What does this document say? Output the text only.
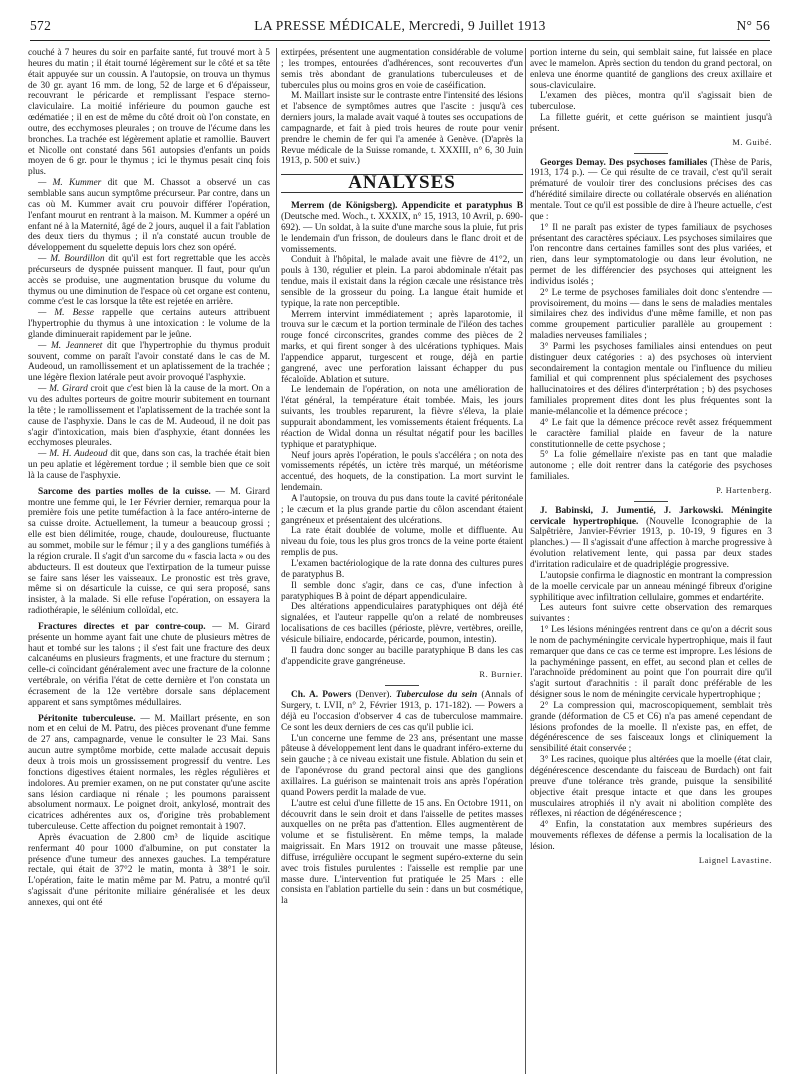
572	LA PRESSE MÉDICALE, Mercredi, 9 Juillet 1913	N° 56

couché à 7 heures du soir en parfaite santé, fut trouvé mort à 5 heures du matin ; il était tourné légèrement sur le côté et sa tête était appuyée sur un coussin. A l'autopsie, on trouva un thymus de 30 gr. ayant 16 mm. de long, 52 de large et 6 d'épaisseur, recouvrant le péricarde et remplissant l'espace sterno-claviculaire. La moitié inférieure du poumon gauche est œdématiée ; il en est de même du côté droit où l'on constate, en outre, des ecchymoses pleurales ; on trouve de l'écume dans les bronches. La trachée est légèrement aplatie et ramollie. Bauvert et Nicolle ont constaté dans 561 autopsies d'enfants un poids moyen de 6 gr. pour le thymus ; ici le thymus pesait cinq fois plus.

— M. Kummer dit que M. Chassot a observé un cas semblable sans aucun symptôme précurseur. Par contre, dans un cas où M. Kummer avait cru pouvoir différer l'opération, l'enfant mourut en rentrant à la maison. M. Kummer a opéré un enfant né à la Maternité, âgé de 2 jours, auquel il a fait l'ablation des deux tiers du thymus ; il n'a constaté aucun trouble de développement du squelette depuis lors chez son opéré.

— M. Bourdillon dit qu'il est fort regrettable que les accès précurseurs de dyspnée puissent manquer. Il faut, pour qu'un accès se produise, une augmentation brusque du volume du thymus ou une diminution de l'espace où cet organe est contenu, comme c'est le cas lorsque la tête est rejetée en arrière.

— M. Besse rappelle que certains auteurs attribuent l'hypertrophie du thymus à une intoxication : le volume de la glande diminuerait rapidement par le jeûne.

— M. Jeanneret dit que l'hypertrophie du thymus produit souvent, comme on paraît l'avoir constaté dans le cas de M. Audeoud, un ramollissement et un aplatissement de la trachée ; une légère flexion latérale peut avoir provoqué l'asphyxie.

— M. Girard croit que c'est bien là la cause de la mort. On a vu des adultes porteurs de goitre mourir subitement en tournant la tête ; le ramollissement et l'aplatissement de la trachée sont la cause de l'asphyxie. Dans le cas de M. Audeoud, il ne doit pas s'agir d'intoxication, mais bien d'asphyxie, étant données les ecchymoses pleurales.

— M. H. Audeoud dit que, dans son cas, la trachée était bien un peu aplatie et légèrement tordue ; il semble bien que ce soit là la cause de l'asphyxie.

Sarcome des parties molles de la cuisse. — M. Girard montre une femme qui, le 1er Février dernier, remarqua pour la première fois une petite tuméfaction à la face antéro-interne de sa cuisse droite. Actuellement, la tumeur a beaucoup grossi ; elle est bien délimitée, rouge, chaude, douloureuse, fluctuante au sommet, mobile sur le fémur ; il y a des ganglions tuméfiés à la région crurale. Il s'agit d'un sarcome du « fascia lacta » ou des abducteurs. Il est douteux que l'extirpation de la tumeur puisse se faire sans léser les vaisseaux. Le pronostic est très grave, même si on désarticule la cuisse, ce qui sera proposé, sans insister, à la malade. Si elle refuse l'opération, on essayera la radiothérapie, le sélénium colloïdal, etc.

Fractures directes et par contre-coup. — M. Girard présente un homme ayant fait une chute de plusieurs mètres de haut et tombé sur les talons ; il s'est fait une fracture des deux calcanéums en plusieurs fragments, et une fracture du sternum ; celle-ci coïncidant généralement avec une fracture de la colonne vertébrale, on vérifia l'état de cette dernière et l'on constata un écrasement de la 12e vertèbre dorsale sans déplacement apparent et sans symptômes médullaires.

Péritonite tuberculeuse. — M. Maillart présente, en son nom et en celui de M. Patru, des pièces provenant d'une femme de 27 ans, campagnarde, venue le consulter le 23 Mai. Sans aucun autre symptôme morbide, cette malade accusait depuis deux à trois mois un grossissement progressif du ventre. Les fonctions digestives étaient normales, les règles régulières et indolores. Au premier examen, on ne put constater qu'une ascite sans lésion cardiaque ni rénale ; les poumons paraissent absolument normaux. Le poignet droit, ankylosé, montrait des cicatrices adhérentes aux os, d'origine très probablement tuberculeuse. Cette affection du poignet remontait à 1907.

Après évacuation de 2.800 cm³ de liquide ascitique renfermant 40 pour 1000 d'albumine, on put constater la présence d'une tumeur des annexes gauches. La température rectale, qui était de 37°2 le matin, monta à 38°1 le soir. L'opération, faite le matin même par M. Patru, a montré qu'il s'agissait d'une péritonite miliaire généralisée et les deux annexes, qui ont été

extirpées, présentent une augmentation considérable de volume ; les trompes, entourées d'adhérences, sont recouvertes d'un semis très abondant de granulations tuberculeuses et de tubercules plus ou moins gros en voie de caséification.

M. Maillart insiste sur le contraste entre l'intensité des lésions et l'absence de symptômes autres que l'ascite : jusqu'à ces derniers jours, la malade avait vaqué à toutes ses occupations de campagnarde, et fait à pied trois heures de route pour venir prendre le chemin de fer qui l'a amenée à Genève. (D'après la Revue médicale de la Suisse romande, t. XXXIII, n° 6, 30 Juin 1913, p. 500 et suiv.)

ANALYSES

Merrem (de Königsberg). Appendicite et paratyphus B (Deutsche med. Woch., t. XXXIX, n° 15, 1913, 10 Avril, p. 690-692). — Un soldat, à la suite d'une marche sous la pluie, fut pris le lendemain d'un frisson, de douleurs dans le flanc droit et de vomissements.

Conduit à l'hôpital, le malade avait une fièvre de 41°2, un pouls à 130, régulier et plein. La paroi abdominale n'était pas tendue, mais il existait dans la région cæcale une résistance très sensible de la grosseur du poing. La langue était humide et typique, la rate non perceptible.

Merrem intervint immédiatement ; après laparotomie, il trouva sur le cæcum et la portion terminale de l'iléon des taches rouge foncé circonscrites, grandes comme des pièces de 2 marks, et qui firent songer à des ulcérations typhiques. Mais l'appendice apparut, turgescent et rouge, déjà en partie gangrené, avec une perforation laissant échapper du pus fécaloïde. Ablation et suture.

Le lendemain de l'opération, on nota une amélioration de l'état général, la température était tombée. Mais, les jours suivants, les troubles reparurent, la fièvre s'éleva, la plaie suppurait abondamment, les vomissements étaient fréquents. La réaction de Widal donna un résultat négatif pour les bacilles typhique et paratyphique.

Neuf jours après l'opération, le pouls s'accéléra ; on nota des vomissements répétés, un ictère très marqué, un météorisme accentué, des hoquets, de la constipation. La mort survint le lendemain.

A l'autopsie, on trouva du pus dans toute la cavité péritonéale ; le cæcum et la plus grande partie du côlon ascendant étaient gangréneux et présentaient des ulcérations.

La rate était doublée de volume, molle et diffluente. Au niveau du foie, tous les plus gros troncs de la veine porte étaient remplis de pus.

L'examen bactériologique de la rate donna des cultures pures de paratyphus B.

Il semble donc s'agir, dans ce cas, d'une infection à paratyphiques B à point de départ appendiculaire.

Des altérations appendiculaires paratyphiques ont déjà été signalées, et l'auteur rappelle qu'on a relaté de nombreuses localisations de ces bacilles (périoste, plèvre, vertèbres, oreille, vésicule biliaire, endocarde, péricarde, poumon, intestin).

Il faudra donc songer au bacille paratyphique B dans les cas d'appendicite grave gangréneuse.

R. Burnier.

Ch. A. Powers (Denver). Tuberculose du sein (Annals of Surgery, t. LVII, n° 2, Février 1913, p. 171-182). — Powers a déjà eu l'occasion d'observer 4 cas de tuberculose mammaire. Ce sont les deux derniers de ces cas qu'il publie ici.

L'un concerne une femme de 23 ans, présentant une masse pâteuse à développement lent dans le quadrant inféro-externe du sein gauche ; à ce niveau existait une fistule. Ablation du sein et de l'aponévrose du grand pectoral ainsi que des ganglions axillaires. La guérison se maintenait trois ans après l'opération quand Powers perdit la malade de vue.

L'autre est celui d'une fillette de 15 ans. En Octobre 1911, on découvrit dans le sein droit et dans l'aisselle de petites masses auxquelles on ne prêta pas d'attention. Elles augmentèrent de volume et se fistulisèrent. En même temps, la malade maigrissait. En Mars 1912 on trouvait une masse pâteuse, diffuse, irrégulière occupant le segment supéro-externe du sein avec trois fistules purulentes : l'aisselle est remplie par une masse dure. L'intervention fut pratiquée le 25 Mars : elle consista en l'ablation partielle du sein : dans un but cosmétique, la

portion interne du sein, qui semblait saine, fut laissée en place avec le mamelon. Après section du tendon du grand pectoral, on enleva une énorme quantité de ganglions des creux axillaire et sous-claviculaire.

L'examen des pièces, montra qu'il s'agissait bien de tuberculose.

La fillette guérit, et cette guérison se maintient jusqu'à présent.

M. Guibé.

Georges Demay. Des psychoses familiales (Thèse de Paris, 1913, 174 p.). — Ce qui résulte de ce travail, c'est qu'il serait prématuré de vouloir tirer des conclusions précises des cas d'hérédité similaire directe ou collatérale observés en aliénation mentale. Tout ce qu'il est possible de dire à l'heure actuelle, c'est que :

1° Il ne paraît pas exister de types familiaux de psychoses présentant des caractères spéciaux. Les psychoses similaires que l'on rencontre dans certaines familles sont des plus variées, et rien, dans leur symptomatologie ou dans leur évolution, ne permet de les différencier des psychoses qui atteignent les individus isolés ;

2° Le terme de psychoses familiales doit donc s'entendre — provisoirement, du moins — dans le sens de maladies mentales similaires chez des individus d'une même famille, et non pas comme groupement particulier parallèle au groupement : maladies nerveuses familiales ;

3° Parmi les psychoses familiales ainsi entendues on peut distinguer deux catégories : a) des psychoses où intervient secondairement la contagion mentale ou l'influence du milieu familial et qui comprennent plus spécialement des psychoses hallucinatoires et des délires d'interprétation ; b) des psychoses familiales proprement dites dont les plus fréquentes sont la manie-mélancolie et la démence précoce ;

4° Le fait que la démence précoce revêt assez fréquemment le caractère familial plaide en faveur de la nature constitutionnelle de cette psychose ;

5° La folie gémellaire n'existe pas en tant que maladie autonome ; elle doit rentrer dans la catégorie des psychoses familiales.

P. Hartenberg.

J. Babinski, J. Jumentié, J. Jarkowski. Méningite cervicale hypertrophique. (Nouvelle Iconographie de la Salpêtrière, Janvier-Février 1913, p. 10-19, 9 figures en 3 planches.) — Il s'agissait d'une affection à marche progressive à évolution relativement lente, qui passa par deux stades d'irritation radiculaire et de quadriplégie progressive.

L'autopsie confirma le diagnostic en montrant la compression de la moelle cervicale par un anneau méningé fibreux d'origine syphilitique avec infiltration cellulaire, gommes et endartérite.

Les auteurs font suivre cette observation des remarques suivantes :

1° Les lésions méningées rentrent dans ce qu'on a décrit sous le nom de pachyméningite cervicale hypertrophique, mais il faut remarquer que dans ce cas ce terme est impropre. Les lésions de la pachyméninge passent, en effet, au second plan et celles de l'arachnoïde prédominent au point que l'on pourrait dire qu'il s'agit surtout d'arachnitis : il paraît donc préférable de les désigner sous le nom de méningite cervicale hypertrophique ;

2° La compression qui, macroscopiquement, semblait très grande (déformation de C5 et C6) n'a pas amené cependant de lésions profondes de la moelle. Il n'existe pas, en effet, de dégénérescence de ses faisceaux longs et cliniquement la sensibilité était conservée ;

3° Les racines, quoique plus altérées que la moelle (état clair, dégénérescence descendante du faisceau de Burdach) ont fait preuve d'une tolérance très grande, puisque la sensibilité objective était presque intacte et que dans les groupes musculaires atrophiés il n'y avait ni abolition complète des réflexes, ni réaction de dégénérescence ;

4° Enfin, la constatation aux membres supérieurs des mouvements réflexes de défense a permis la localisation de la lésion.

Laignel Lavastine.
